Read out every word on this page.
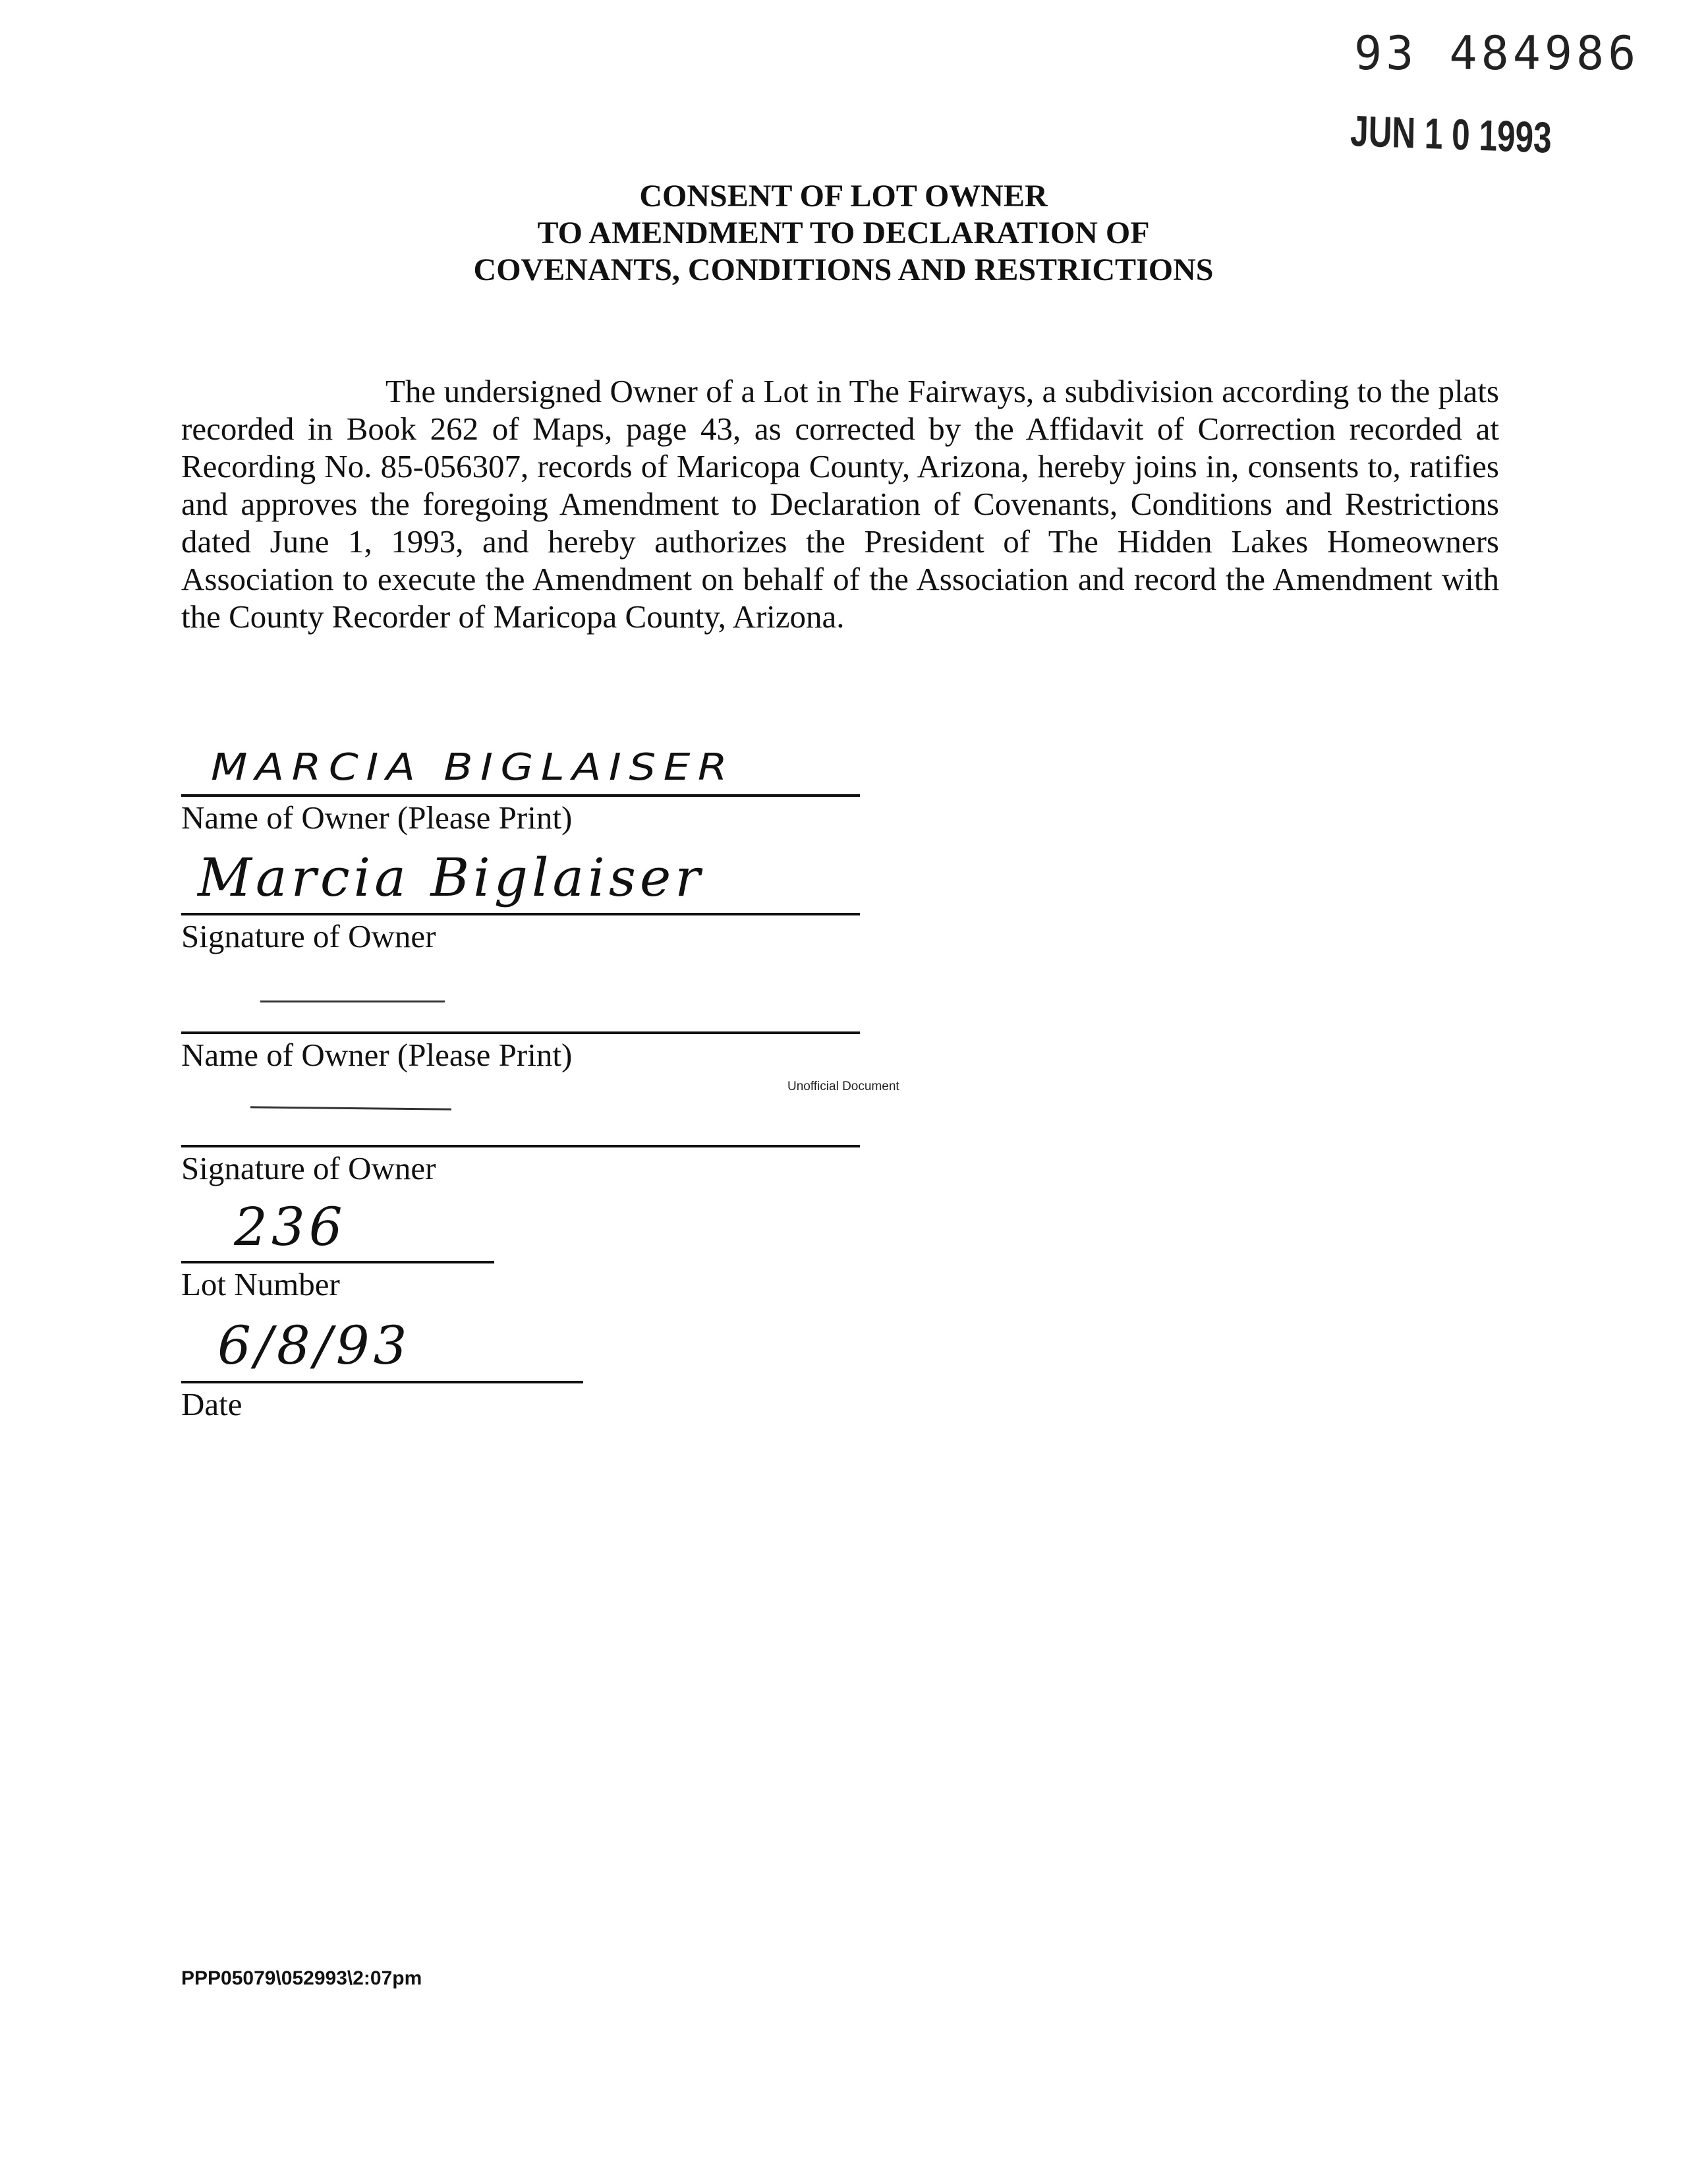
93 484986
JUN 1 0 1993
CONSENT OF LOT OWNER
TO AMENDMENT TO DECLARATION OF
COVENANTS, CONDITIONS AND RESTRICTIONS
The undersigned Owner of a Lot in The Fairways, a subdivision according to the plats recorded in Book 262 of Maps, page 43, as corrected by the Affidavit of Correction recorded at Recording No. 85-056307, records of Maricopa County, Arizona, hereby joins in, consents to, ratifies and approves the foregoing Amendment to Declaration of Covenants, Conditions and Restrictions dated June 1, 1993, and hereby authorizes the President of The Hidden Lakes Homeowners Association to execute the Amendment on behalf of the Association and record the Amendment with the County Recorder of Maricopa County, Arizona.
MARCIA BIGLAISER
Name of Owner (Please Print)
Marcia Biglaiser
Signature of Owner
Name of Owner (Please Print)
Unofficial Document
Signature of Owner
236
Lot Number
6/8/93
Date
PPP05079\052993\2:07pm
